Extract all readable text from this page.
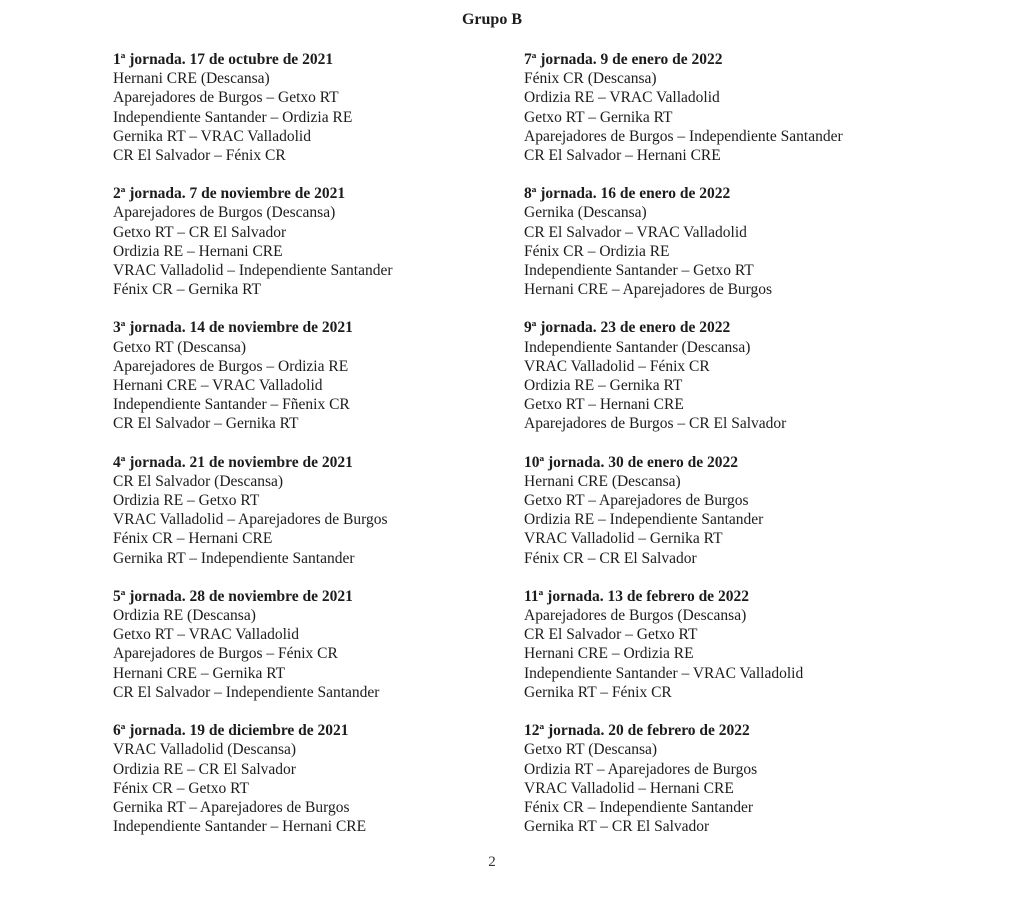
Grupo B

1ª jornada. 17 de octubre de 2021

Hernani CRE (Descansa)

Aparejadores de Burgos – Getxo RT

Independiente Santander – Ordizia RE

Gernika RT – VRAC Valladolid

CR El Salvador – Fénix CR

2ª jornada. 7 de noviembre de 2021

Aparejadores de Burgos (Descansa)

Getxo RT – CR El Salvador

Ordizia RE – Hernani CRE

VRAC Valladolid – Independiente Santander

Fénix CR – Gernika RT

3ª jornada. 14 de noviembre de 2021

Getxo RT (Descansa)

Aparejadores de Burgos – Ordizia RE

Hernani CRE – VRAC Valladolid

Independiente Santander – Fñenix CR

CR El Salvador – Gernika RT

4ª jornada. 21 de noviembre de 2021

CR El Salvador (Descansa)

Ordizia RE – Getxo RT

VRAC Valladolid – Aparejadores de Burgos

Fénix CR – Hernani CRE

Gernika RT – Independiente Santander

5ª jornada. 28 de noviembre de 2021

Ordizia RE (Descansa)

Getxo RT – VRAC Valladolid

Aparejadores de Burgos – Fénix CR

Hernani CRE – Gernika RT

CR El Salvador – Independiente Santander

6ª jornada. 19 de diciembre de 2021

VRAC Valladolid (Descansa)

Ordizia RE – CR El Salvador

Fénix CR – Getxo RT

Gernika RT – Aparejadores de Burgos

Independiente Santander – Hernani CRE

7ª jornada. 9 de enero de 2022

Fénix CR (Descansa)

Ordizia RE – VRAC Valladolid

Getxo RT – Gernika RT

Aparejadores de Burgos – Independiente Santander

CR El Salvador – Hernani CRE

8ª jornada. 16 de enero de 2022

Gernika (Descansa)

CR El Salvador – VRAC Valladolid

Fénix CR – Ordizia RE

Independiente Santander – Getxo RT

Hernani CRE – Aparejadores de Burgos

9ª jornada. 23 de enero de 2022

Independiente Santander (Descansa)

VRAC Valladolid – Fénix CR

Ordizia RE – Gernika RT

Getxo RT – Hernani CRE

Aparejadores de Burgos – CR El Salvador

10ª jornada. 30 de enero de 2022

Hernani CRE (Descansa)

Getxo RT – Aparejadores de Burgos

Ordizia RE – Independiente Santander

VRAC Valladolid – Gernika RT

Fénix CR – CR El Salvador

11ª jornada. 13 de febrero de 2022

Aparejadores de Burgos (Descansa)

CR El Salvador – Getxo RT

Hernani CRE – Ordizia RE

Independiente Santander – VRAC Valladolid

Gernika RT – Fénix CR

12ª jornada. 20 de febrero de 2022

Getxo RT (Descansa)

Ordizia RT – Aparejadores de Burgos

VRAC Valladolid – Hernani CRE

Fénix CR – Independiente Santander

Gernika RT – CR El Salvador

2
